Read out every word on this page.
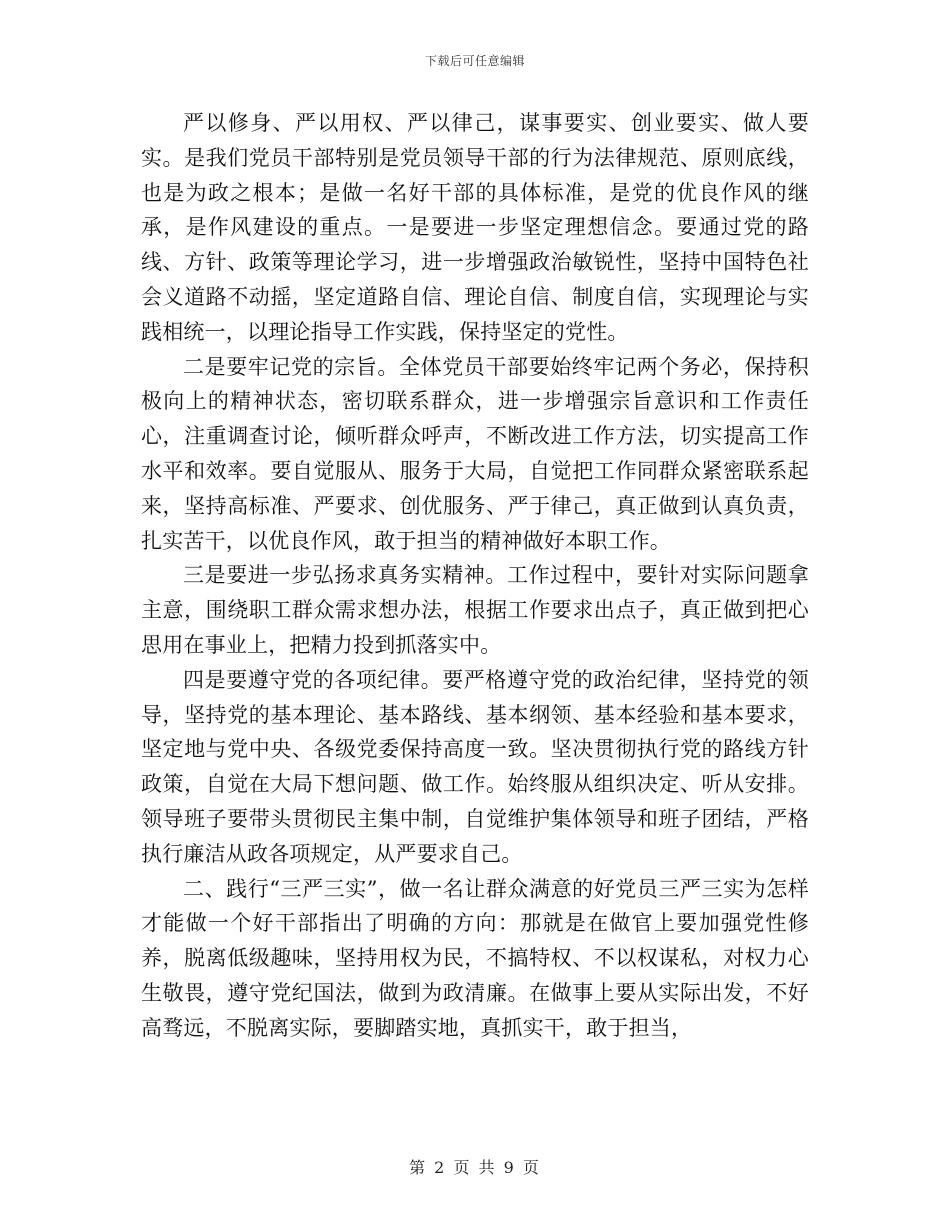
下载后可任意编辑

严以修身、严以用权、严以律己，谋事要实、创业要实、做人要实。是我们党员干部特别是党员领导干部的行为法律规范、原则底线，也是为政之根本；是做一名好干部的具体标准，是党的优良作风的继承，是作风建设的重点。一是要进一步坚定理想信念。要通过党的路线、方针、政策等理论学习，进一步增强政治敏锐性，坚持中国特色社会义道路不动摇，坚定道路自信、理论自信、制度自信，实现理论与实践相统一，以理论指导工作实践，保持坚定的党性。

二是要牢记党的宗旨。全体党员干部要始终牢记两个务必，保持积极向上的精神状态，密切联系群众，进一步增强宗旨意识和工作责任心，注重调查讨论，倾听群众呼声，不断改进工作方法，切实提高工作水平和效率。要自觉服从、服务于大局，自觉把工作同群众紧密联系起来，坚持高标准、严要求、创优服务、严于律己，真正做到认真负责，扎实苦干，以优良作风，敢于担当的精神做好本职工作。

三是要进一步弘扬求真务实精神。工作过程中，要针对实际问题拿主意，围绕职工群众需求想办法，根据工作要求出点子，真正做到把心思用在事业上，把精力投到抓落实中。

四是要遵守党的各项纪律。要严格遵守党的政治纪律，坚持党的领导，坚持党的基本理论、基本路线、基本纲领、基本经验和基本要求，坚定地与党中央、各级党委保持高度一致。坚决贯彻执行党的路线方针政策，自觉在大局下想问题、做工作。始终服从组织决定、听从安排。领导班子要带头贯彻民主集中制，自觉维护集体领导和班子团结，严格执行廉洁从政各项规定，从严要求自己。

二、践行“三严三实”，做一名让群众满意的好党员三严三实为怎样才能做一个好干部指出了明确的方向：那就是在做官上要加强党性修养，脱离低级趣味，坚持用权为民，不搞特权、不以权谋私，对权力心生敬畏，遵守党纪国法，做到为政清廉。在做事上要从实际出发，不好高骛远，不脱离实际，要脚踏实地，真抓实干，敢于担当，

第 2 页 共 9 页
